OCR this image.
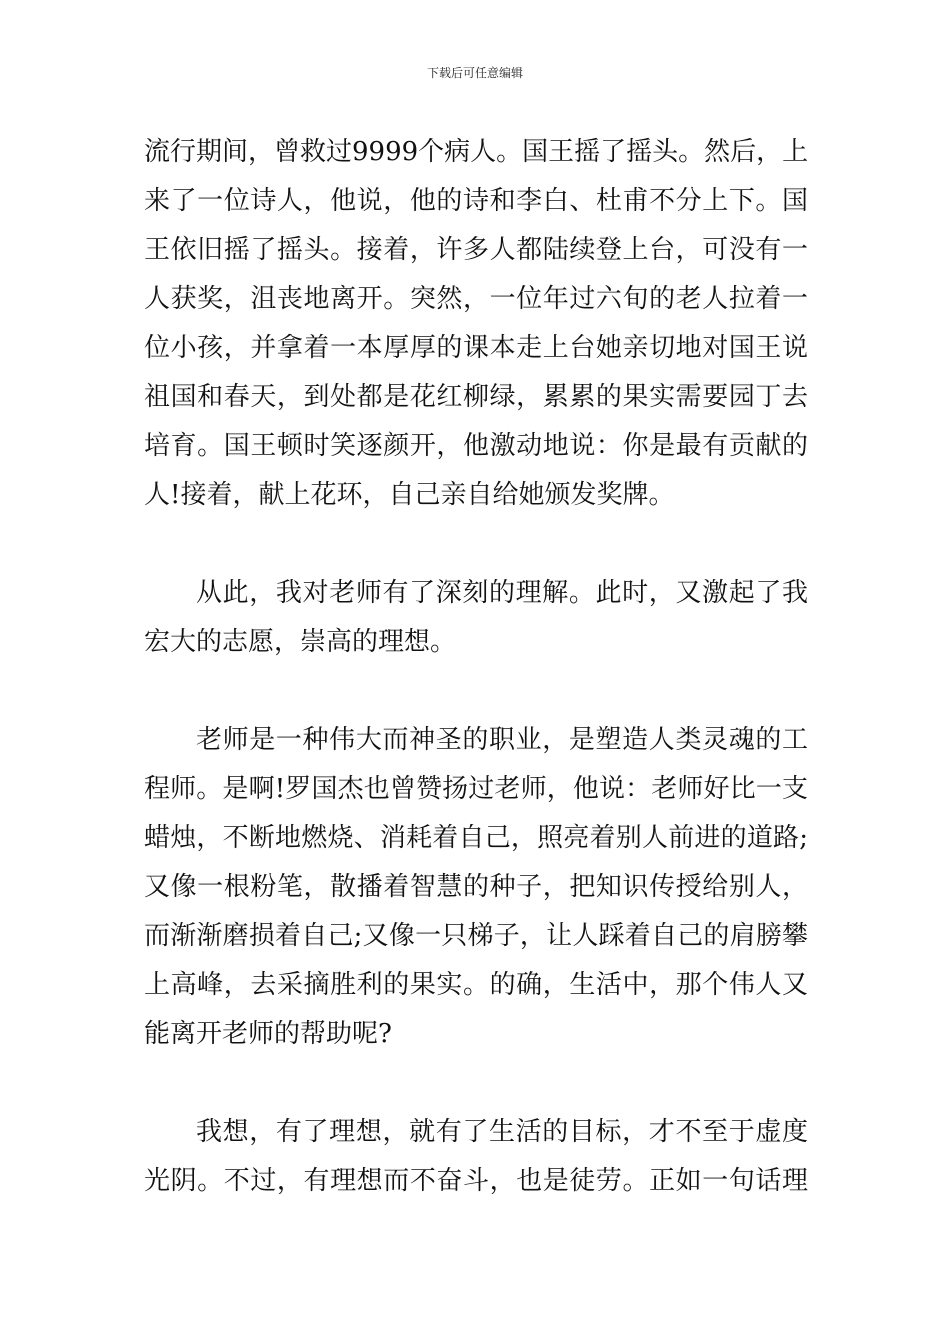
下载后可任意编辑

流行期间，曾救过9999个病人。国王摇了摇头。然后，上
来了一位诗人，他说，他的诗和李白、杜甫不分上下。国
王依旧摇了摇头。接着，许多人都陆续登上台，可没有一
人获奖，沮丧地离开。突然，一位年过六旬的老人拉着一
位小孩，并拿着一本厚厚的课本走上台她亲切地对国王说
祖国和春天，到处都是花红柳绿，累累的果实需要园丁去
培育。国王顿时笑逐颜开，他激动地说：你是最有贡献的
人!接着，献上花环，自己亲自给她颁发奖牌。

从此，我对老师有了深刻的理解。此时，又激起了我
宏大的志愿，崇高的理想。

老师是一种伟大而神圣的职业，是塑造人类灵魂的工
程师。是啊!罗国杰也曾赞扬过老师，他说：老师好比一支
蜡烛，不断地燃烧、消耗着自己，照亮着别人前进的道路;
又像一根粉笔，散播着智慧的种子，把知识传授给别人，
而渐渐磨损着自己;又像一只梯子，让人踩着自己的肩膀攀
上高峰，去采摘胜利的果实。的确，生活中，那个伟人又
能离开老师的帮助呢?

我想，有了理想，就有了生活的目标，才不至于虚度
光阴。不过，有理想而不奋斗，也是徒劳。正如一句话理
